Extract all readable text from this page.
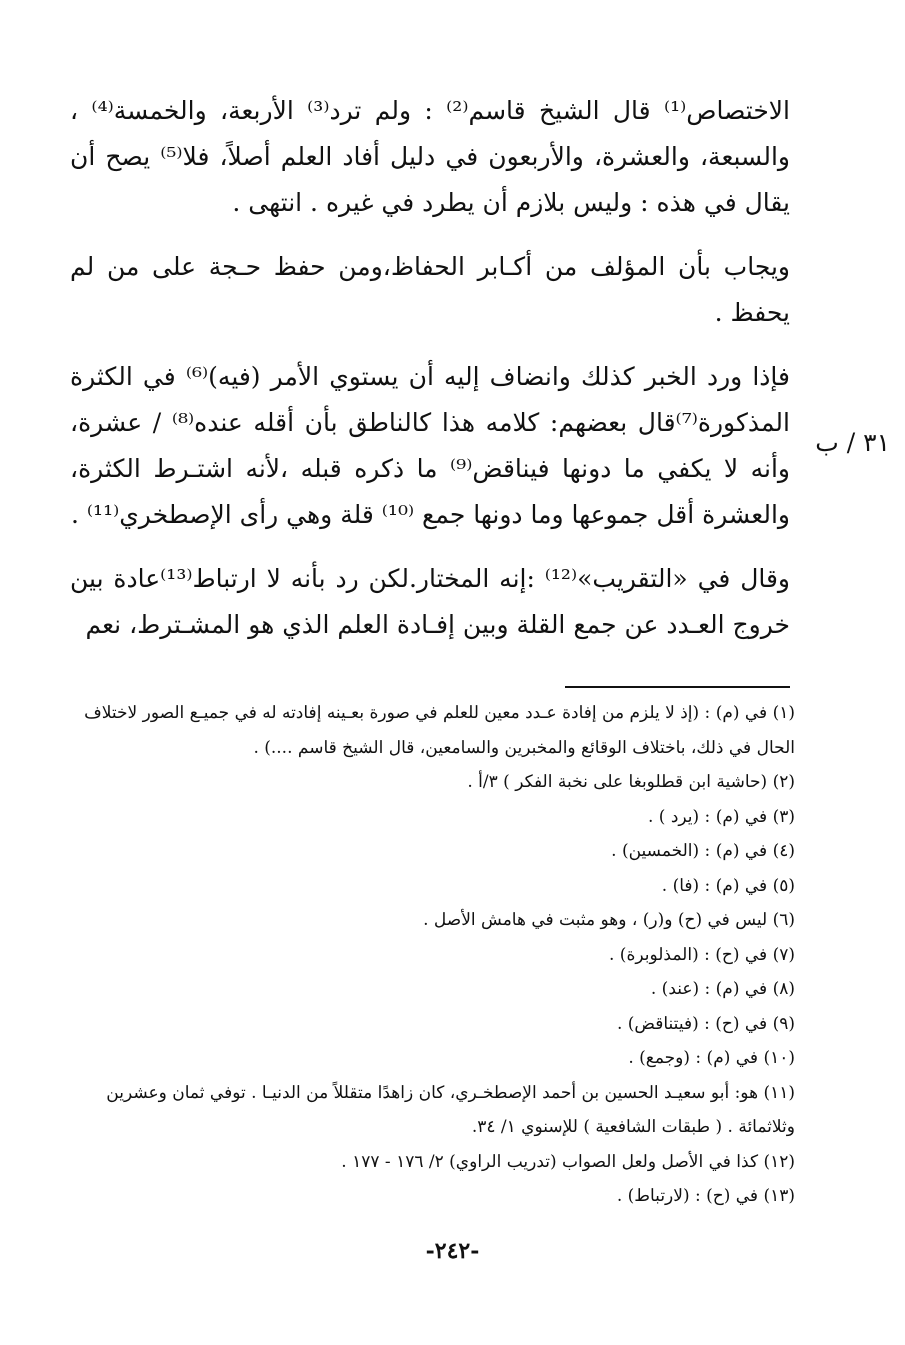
٣١ / ب

الاختصاص⁽¹⁾ قال الشيخ قاسم⁽²⁾ : ولم ترد⁽³⁾ الأربعة، والخمسة⁽⁴⁾ ، والسبعة، والعشرة، والأربعون في دليل أفاد العلم أصلاً، فلا⁽⁵⁾ يصح أن يقال في هذه : وليس بلازم أن يطرد في غيره . انتهى .

ويجاب بأن المؤلف من أكـابر الحفاظ،ومن حفظ حـجة على من لم يحفظ .

فإذا ورد الخبر كذلك وانضاف إليه أن يستوي الأمر (فيه)⁽⁶⁾ في الكثرة المذكورة⁽⁷⁾قال بعضهم: كلامه هذا كالناطق بأن أقله عنده⁽⁸⁾ / عشرة، وأنه لا يكفي ما دونها فيناقض⁽⁹⁾ ما ذكره قبله ،لأنه اشتـرط الكثرة، والعشرة أقل جموعها وما دونها جمع ⁽¹⁰⁾ قلة وهي رأى الإصطخري⁽¹¹⁾ .

وقال في «التقريب»⁽¹²⁾ :إنه المختار.لكن رد بأنه لا ارتباط⁽¹³⁾عادة بين خروج العـدد عن جمع القلة وبين إفـادة العلم الذي هو المشـترط، نعم

(١) في (م) : (إذ لا يلزم من إفادة عـدد معين للعلم في صورة بعـينه إفادته له في جميـع الصور لاختلاف الحال في ذلك، باختلاف الوقائع والمخبرين والسامعين، قال الشيخ قاسم ....) .

(٢) (حاشية ابن قطلوبغا على نخبة الفكر ) ٣/أ .

(٣) في (م) : (يرد ) .

(٤) في (م) : (الخمسين) .

(٥) في (م) : (فا) .

(٦) ليس في (ح) و(ر) ، وهو مثبت في هامش الأصل .

(٧) في (ح) : (المذلوبرة) .

(٨) في (م) : (عند) .

(٩) في (ح) : (فيتناقض) .

(١٠) في (م) : (وجمع) .

(١١) هو: أبو سعيـد الحسين بن أحمد الإصطخـري، كان زاهدًا متقللاً من الدنيـا . توفي ثمان وعشرين وثلاثمائة . ( طبقات الشافعية ) للإسنوي ١/ ٣٤.

(١٢) كذا في الأصل ولعل الصواب (تدريب الراوي) ٢/ ١٧٦ - ١٧٧ .

(١٣) في (ح) : (لارتباط) .

-٢٤٢-
